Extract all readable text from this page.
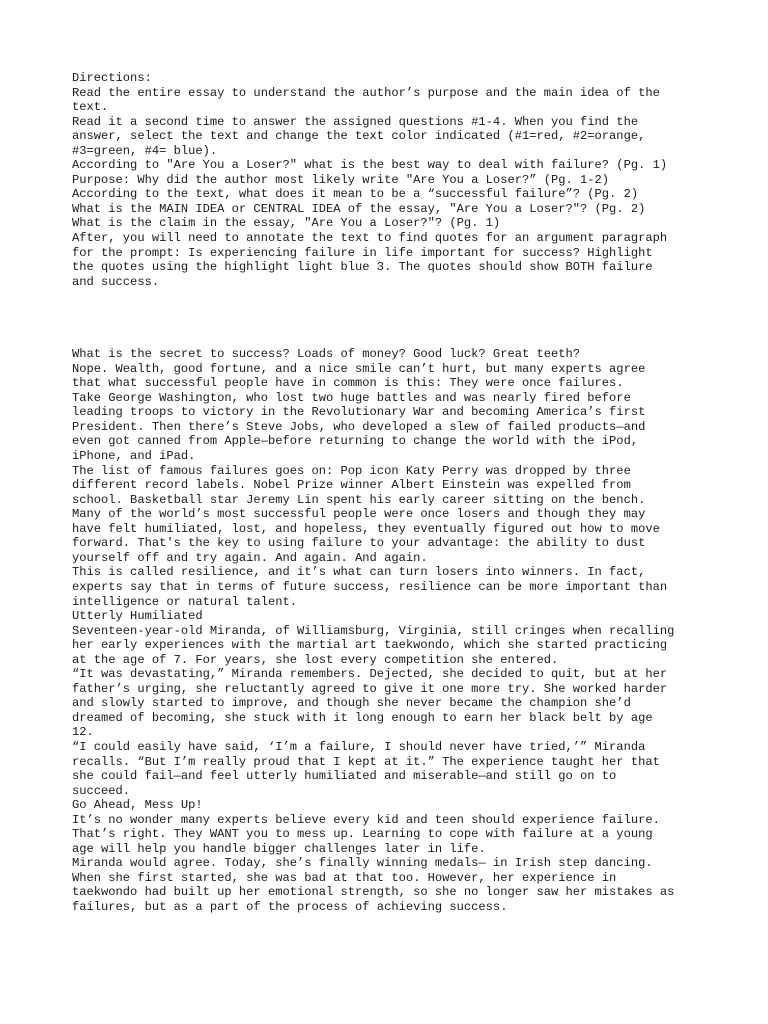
Directions:
Read the entire essay to understand the author’s purpose and the main idea of the
text.
Read it a second time to answer the assigned questions #1-4. When you find the
answer, select the text and change the text color indicated (#1=red, #2=orange,
#3=green, #4= blue).
According to "Are You a Loser?" what is the best way to deal with failure? (Pg. 1)
Purpose: Why did the author most likely write "Are You a Loser?” (Pg. 1-2)
According to the text, what does it mean to be a “successful failure”? (Pg. 2)
What is the MAIN IDEA or CENTRAL IDEA of the essay, "Are You a Loser?"? (Pg. 2)
What is the claim in the essay, "Are You a Loser?"? (Pg. 1)
After, you will need to annotate the text to find quotes for an argument paragraph
for the prompt: Is experiencing failure in life important for success? Highlight
the quotes using the highlight light blue 3. The quotes should show BOTH failure
and success.
What is the secret to success? Loads of money? Good luck? Great teeth?
Nope. Wealth, good fortune, and a nice smile can’t hurt, but many experts agree
that what successful people have in common is this: They were once failures.
Take George Washington, who lost two huge battles and was nearly fired before
leading troops to victory in the Revolutionary War and becoming America’s first
President. Then there’s Steve Jobs, who developed a slew of failed products—and
even got canned from Apple—before returning to change the world with the iPod,
iPhone, and iPad.
The list of famous failures goes on: Pop icon Katy Perry was dropped by three
different record labels. Nobel Prize winner Albert Einstein was expelled from
school. Basketball star Jeremy Lin spent his early career sitting on the bench.
Many of the world’s most successful people were once losers and though they may
have felt humiliated, lost, and hopeless, they eventually figured out how to move
forward. That's the key to using failure to your advantage: the ability to dust
yourself off and try again. And again. And again.
This is called resilience, and it’s what can turn losers into winners. In fact,
experts say that in terms of future success, resilience can be more important than
intelligence or natural talent.
Utterly Humiliated
Seventeen-year-old Miranda, of Williamsburg, Virginia, still cringes when recalling
her early experiences with the martial art taekwondo, which she started practicing
at the age of 7. For years, she lost every competition she entered.
“It was devastating,” Miranda remembers. Dejected, she decided to quit, but at her
father’s urging, she reluctantly agreed to give it one more try. She worked harder
and slowly started to improve, and though she never became the champion she’d
dreamed of becoming, she stuck with it long enough to earn her black belt by age
12.
“I could easily have said, ‘I’m a failure, I should never have tried,’” Miranda
recalls. “But I’m really proud that I kept at it.” The experience taught her that
she could fail—and feel utterly humiliated and miserable—and still go on to
succeed.
Go Ahead, Mess Up!
It’s no wonder many experts believe every kid and teen should experience failure.
That’s right. They WANT you to mess up. Learning to cope with failure at a young
age will help you handle bigger challenges later in life.
Miranda would agree. Today, she’s finally winning medals— in Irish step dancing.
When she first started, she was bad at that too. However, her experience in
taekwondo had built up her emotional strength, so she no longer saw her mistakes as
failures, but as a part of the process of achieving success.
